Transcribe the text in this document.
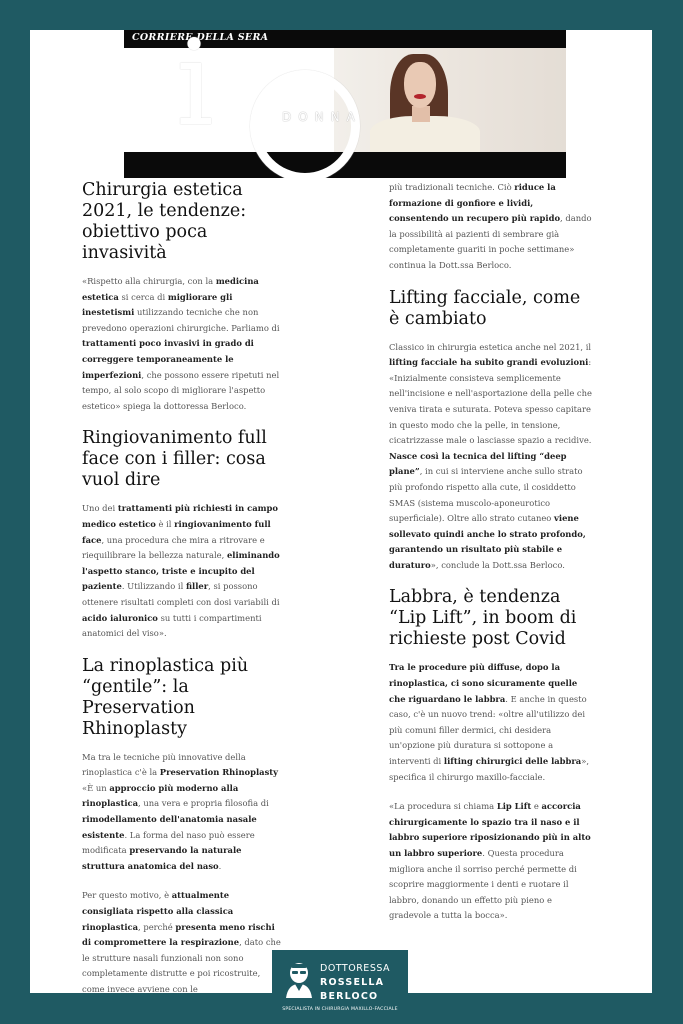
CORRIERE DELLA SERA
i	DONNA
Chirurgia estetica 2021, le tendenze: obiettivo poca invasività

«Rispetto alla chirurgia, con la medicina estetica si cerca di migliorare gli inestetismi utilizzando tecniche che non prevedono operazioni chirurgiche. Parliamo di trattamenti poco invasivi in grado di correggere temporaneamente le imperfezioni, che possono essere ripetuti nel tempo, al solo scopo di migliorare l'aspetto estetico» spiega la dottoressa Berloco.

Ringiovanimento full face con i filler: cosa vuol dire

Uno dei trattamenti più richiesti in campo medico estetico è il ringiovanimento full face, una procedura che mira a ritrovare e riequilibrare la bellezza naturale, eliminando l'aspetto stanco, triste e incupito del paziente. Utilizzando il filler, si possono ottenere risultati completi con dosi variabili di acido ialuronico su tutti i compartimenti anatomici del viso».

La rinoplastica più “gentile”: la Preservation Rhinoplasty

Ma tra le tecniche più innovative della rinoplastica c'è la Preservation Rhinoplasty «È un approccio più moderno alla rinoplastica, una vera e propria filosofia di rimodellamento dell'anatomia nasale esistente. La forma del naso può essere modificata preservando la naturale struttura anatomica del naso.

Per questo motivo, è attualmente consigliata rispetto alla classica rinoplastica, perché presenta meno rischi di compromettere la respirazione, dato che le strutture nasali funzionali non sono completamente distrutte e poi ricostruite, come invece avviene con le

più tradizionali tecniche. Ciò riduce la formazione di gonfiore e lividi, consentendo un recupero più rapido, dando la possibilità ai pazienti di sembrare già completamente guariti in poche settimane» continua la Dott.ssa Berloco.

Lifting facciale, come è cambiato

Classico in chirurgia estetica anche nel 2021, il lifting facciale ha subito grandi evoluzioni: «Inizialmente consisteva semplicemente nell'incisione e nell'asportazione della pelle che veniva tirata e suturata. Poteva spesso capitare in questo modo che la pelle, in tensione, cicatrizzasse male o lasciasse spazio a recidive. Nasce così la tecnica del lifting “deep plane”, in cui si interviene anche sullo strato più profondo rispetto alla cute, il cosiddetto SMAS (sistema muscolo-aponeurotico superficiale). Oltre allo strato cutaneo viene sollevato quindi anche lo strato profondo, garantendo un risultato più stabile e duraturo», conclude la Dott.ssa Berloco.

Labbra, è tendenza “Lip Lift”, in boom di richieste post Covid

Tra le procedure più diffuse, dopo la rinoplastica, ci sono sicuramente quelle che riguardano le labbra. E anche in questo caso, c'è un nuovo trend: «oltre all'utilizzo dei più comuni filler dermici, chi desidera un'opzione più duratura si sottopone a interventi di lifting chirurgici delle labbra», specifica il chirurgo maxillo-facciale.

«La procedura si chiama Lip Lift e accorcia chirurgicamente lo spazio tra il naso e il labbro superiore riposizionando più in alto un labbro superiore. Questa procedura migliora anche il sorriso perché permette di scoprire maggiormente i denti e ruotare il labbro, donando un effetto più pieno e gradevole a tutta la bocca».

DOTTORESSA
ROSSELLA
BERLOCO
SPECIALISTA IN CHIRURGIA MAXILLO-FACCIALE
